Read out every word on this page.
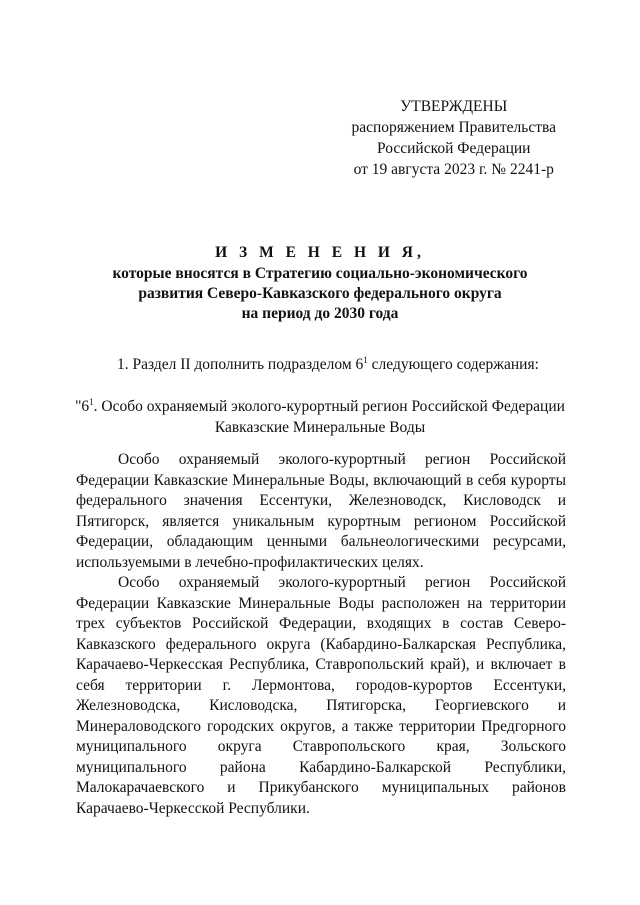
УТВЕРЖДЕНЫ
распоряжением Правительства
Российской Федерации
от 19 августа 2023 г. № 2241-р
И З М Е Н Е Н И Я,
которые вносятся в Стратегию социально-экономического
развития Северо-Кавказского федерального округа
на период до 2030 года
1. Раздел II дополнить подразделом $6^1$ следующего содержания:
"$6^1$. Особо охраняемый эколого-курортный регион Российской Федерации
Кавказские Минеральные Воды

Особо охраняемый эколого-курортный регион Российской Федерации Кавказские Минеральные Воды, включающий в себя курорты федерального значения Ессентуки, Железноводск, Кисловодск и Пятигорск, является уникальным курортным регионом Российской Федерации, обладающим ценными бальнеологическими ресурсами, используемыми в лечебно-профилактических целях.

Особо охраняемый эколого-курортный регион Российской Федерации Кавказские Минеральные Воды расположен на территории трех субъектов Российской Федерации, входящих в состав Северо-Кавказского федерального округа (Кабардино-Балкарская Республика, Карачаево-Черкесская Республика, Ставропольский край), и включает в себя территории г. Лермонтова, городов-курортов Ессентуки, Железноводска, Кисловодска, Пятигорска, Георгиевского и Минераловодского городских округов, а также территории Предгорного муниципального округа Ставропольского края, Зольского муниципального района Кабардино-Балкарской Республики, Малокарачаевского и Прикубанского муниципальных районов Карачаево-Черкесской Республики.
